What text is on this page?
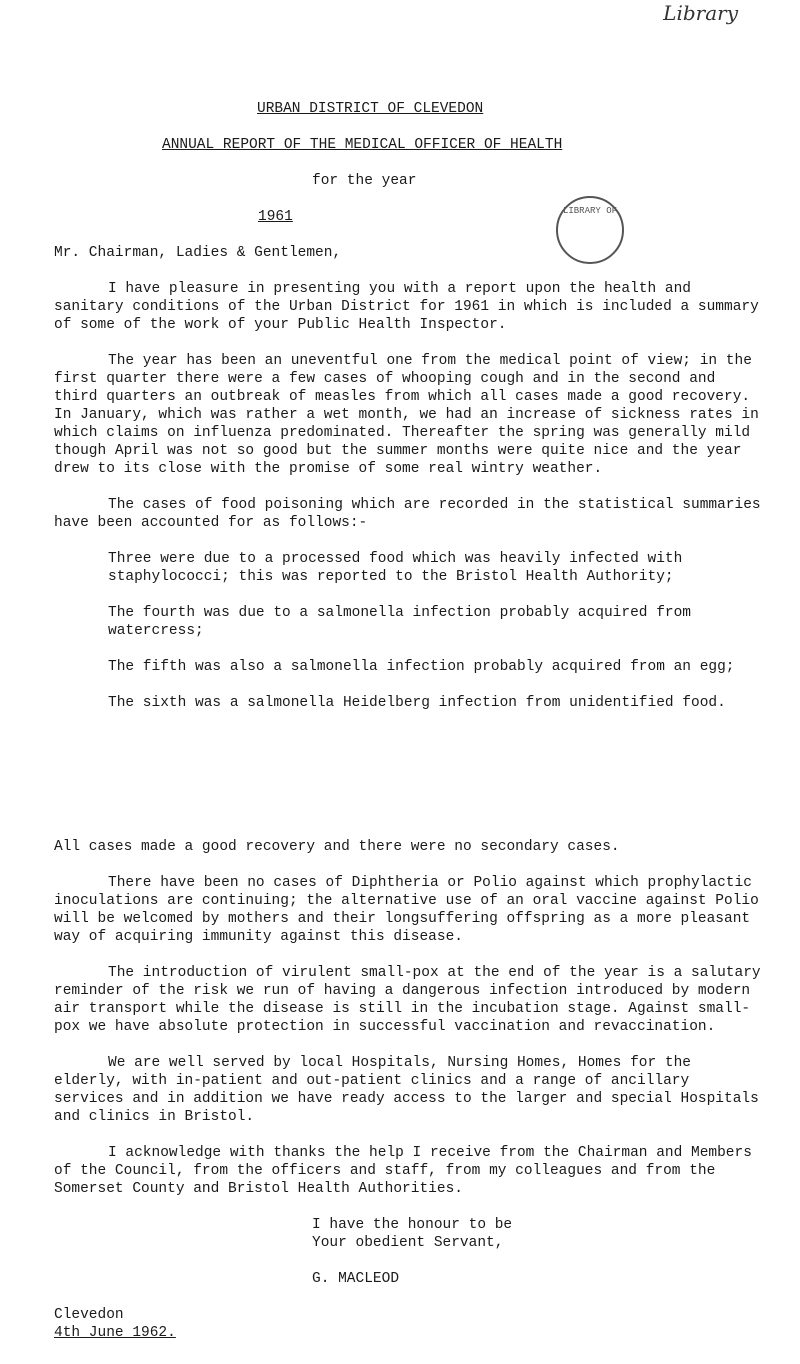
Library
URBAN DISTRICT OF CLEVEDON
ANNUAL REPORT OF THE MEDICAL OFFICER OF HEALTH
for the year
1961	LIBRARY OF
Mr. Chairman, Ladies & Gentlemen,
I have pleasure in presenting you with a report upon the health and sanitary conditions of the Urban District for 1961 in which is included a summary of some of the work of your Public Health Inspector.
The year has been an uneventful one from the medical point of view; in the first quarter there were a few cases of whooping cough and in the second and third quarters an outbreak of measles from which all cases made a good recovery. In January, which was rather a wet month, we had an increase of sickness rates in which claims on influenza predominated. Thereafter the spring was generally mild though April was not so good but the summer months were quite nice and the year drew to its close with the promise of some real wintry weather.
The cases of food poisoning which are recorded in the statistical summaries have been accounted for as follows:-

Three were due to a processed food which was heavily infected with staphylococci; this was reported to the Bristol Health Authority;

The fourth was due to a salmonella infection probably acquired from watercress;

The fifth was also a salmonella infection probably acquired from an egg;

The sixth was a salmonella Heidelberg infection from unidentified food.

All cases made a good recovery and there were no secondary cases.
There have been no cases of Diphtheria or Polio against which prophylactic inoculations are continuing; the alternative use of an oral vaccine against Polio will be welcomed by mothers and their longsuffering offspring as a more pleasant way of acquiring immunity against this disease.
The introduction of virulent small-pox at the end of the year is a salutary reminder of the risk we run of having a dangerous infection introduced by modern air transport while the disease is still in the incubation stage. Against small-pox we have absolute protection in successful vaccination and revaccination.
We are well served by local Hospitals, Nursing Homes, Homes for the elderly, with in-patient and out-patient clinics and a range of ancillary services and in addition we have ready access to the larger and special Hospitals and clinics in Bristol.
I acknowledge with thanks the help I receive from the Chairman and Members of the Council, from the officers and staff, from my colleagues and from the Somerset County and Bristol Health Authorities.
I have the honour to be
Your obedient Servant,
G. MACLEOD
Clevedon
4th June 1962.
